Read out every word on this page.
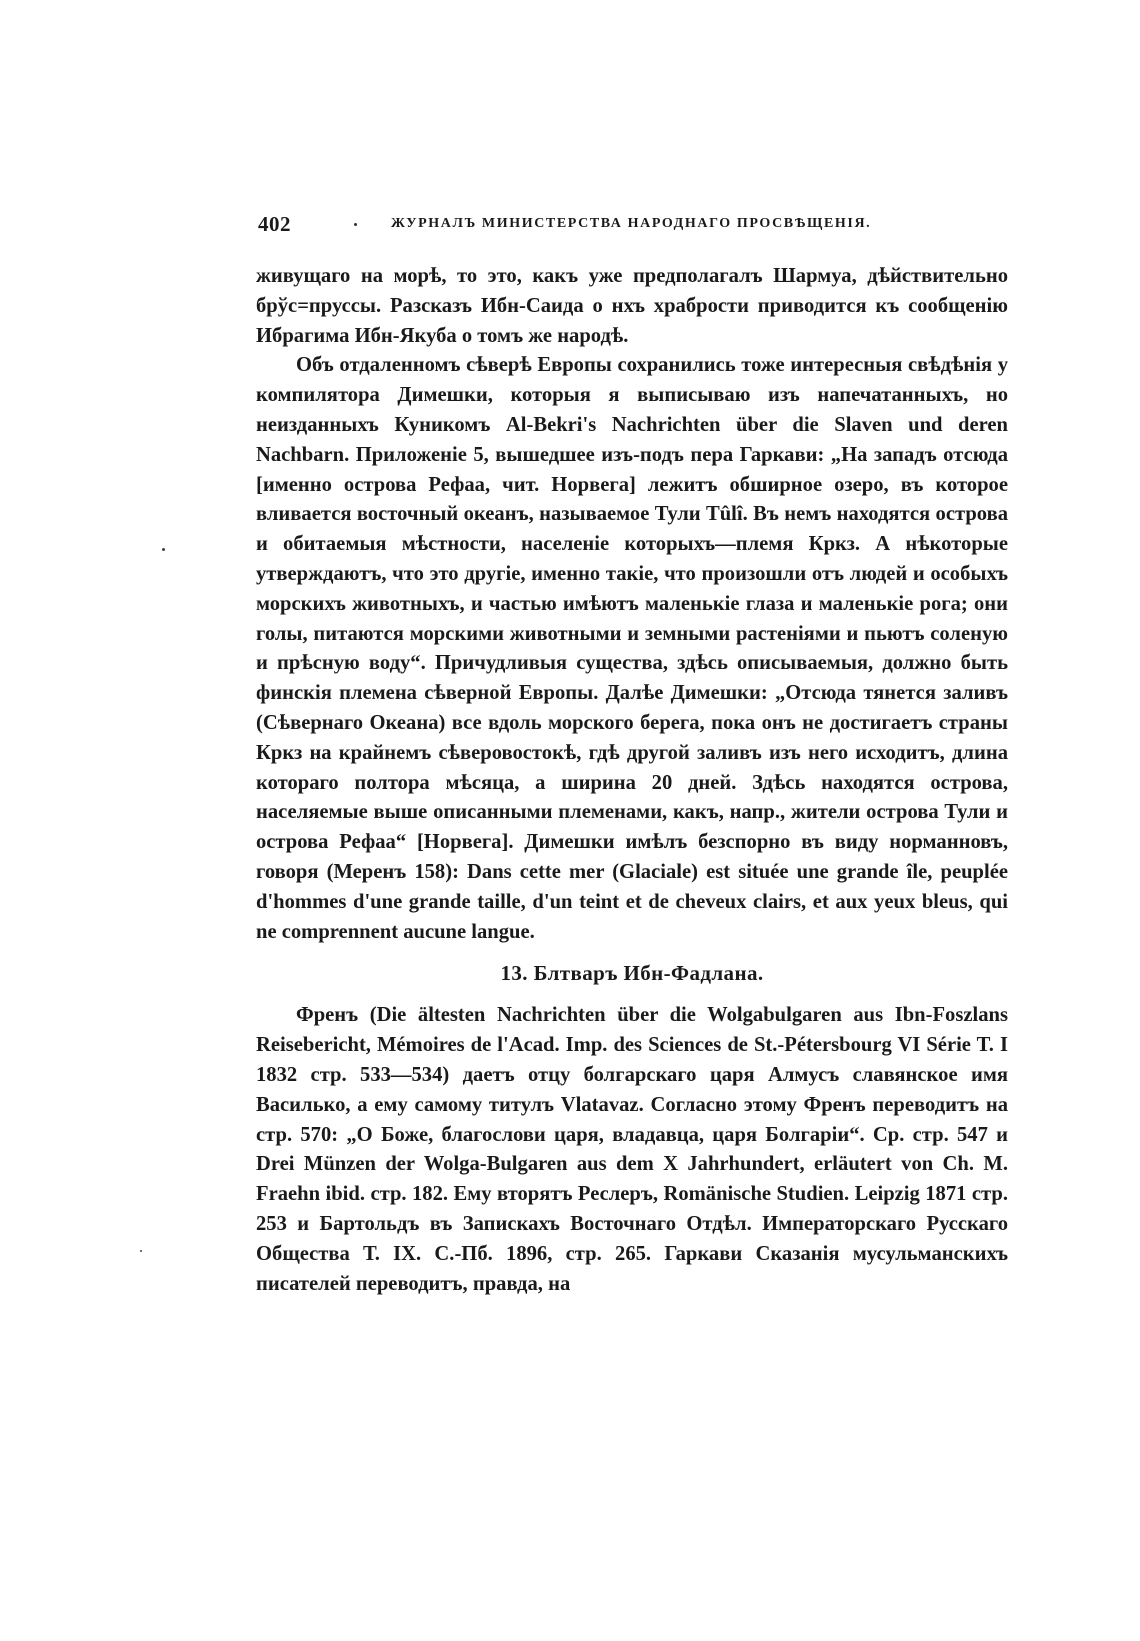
402	ЖУРНАЛЪ МИНИСТЕРСТВА НАРОДНАГО ПРОСВѢЩЕНІЯ.

живущаго на морѣ, то это, какъ уже предполагалъ Шармуа, дѣйствительно брўс=пруссы. Разсказъ Ибн-Саида о нхъ храбрости приводится къ сообщенію Ибрагима Ибн-Якуба о томъ же народѣ.

Объ отдаленномъ сѣверѣ Европы сохранились тоже интересныя свѣдѣнія у компилятора Димешки, которыя я выписываю изъ напечатанныхъ, но неизданныхъ Куникомъ Al-Bekri's Nachrichten über die Slaven und deren Nachbarn. Приложеніе 5, вышедшее изъ-подъ пера Гаркави: „На западъ отсюда [именно острова Рефаа, чит. Норвега] лежитъ обширное озеро, въ которое вливается восточный океанъ, называемое Тули Tûlî. Въ немъ находятся острова и обитаемыя мѣстности, населеніе которыхъ—племя Кркз. А нѣкоторые утверждаютъ, что это другіе, именно такіе, что произошли отъ людей и особыхъ морскихъ животныхъ, и частью имѣютъ маленькіе глаза и маленькіе рога; они голы, питаются морскими животными и земными растеніями и пьютъ соленую и прѣсную воду“. Причудливыя существа, здѣсь описываемыя, должно быть финскія племена сѣверной Европы. Далѣе Димешки: „Отсюда тянется заливъ (Сѣвернаго Океана) все вдоль морского берега, пока онъ не достигаетъ страны Кркз на крайнемъ сѣверовостокѣ, гдѣ другой заливъ изъ него исходитъ, длина котораго полтора мѣсяца, а ширина 20 дней. Здѣсь находятся острова, населяемые выше описанными племенами, какъ, напр., жители острова Тули и острова Рефаа“ [Норвега]. Димешки имѣлъ безспорно въ виду норманновъ, говоря (Меренъ 158): Dans cette mer (Glaciale) est située une grande île, peuplée d'hommes d'une grande taille, d'un teint et de cheveux clairs, et aux yeux bleus, qui ne comprennent aucune langue.

13. Блтваръ Ибн-Фадлана.

Френъ (Die ältesten Nachrichten über die Wolgabulgaren aus Ibn-Foszlans Reisebericht, Mémoires de l'Acad. Imp. des Sciences de St.-Pétersbourg VI Série T. I 1832 стр. 533—534) даетъ отцу болгарскаго царя Алмусъ славянское имя Василько, а ему самому титулъ Vlatavaz. Согласно этому Френъ переводитъ на стр. 570: „О Боже, благослови царя, владавца, царя Болгаріи“. Ср. стр. 547 и Drei Münzen der Wolga-Bulgaren aus dem X Jahrhundert, erläutert von Ch. M. Fraehn ibid. стр. 182. Ему вторятъ Реслеръ, Romänische Studien. Leipzig 1871 стр. 253 и Бартольдъ въ Запискахъ Восточнаго Отдѣл. Императорскаго Русскаго Общества Т. IX. С.-Пб. 1896, стр. 265. Гаркави Сказанія мусульманскихъ писателей переводитъ, правда, на
